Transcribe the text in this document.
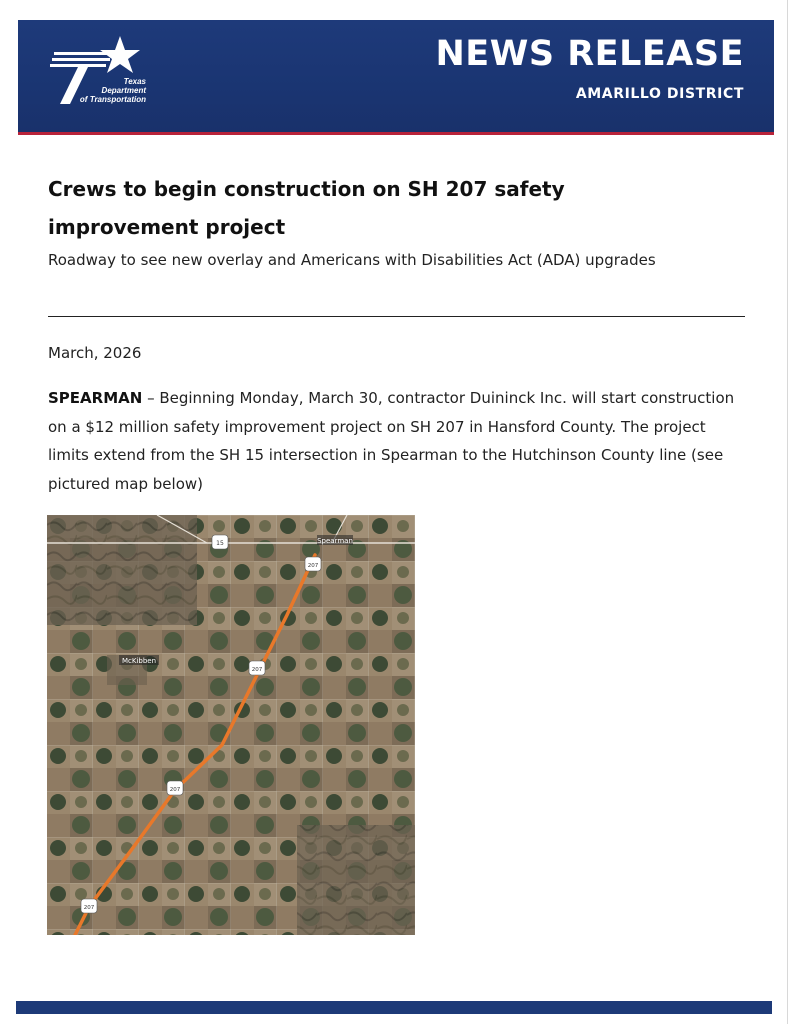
Texas
Department
of Transportation
NEWS RELEASE
AMARILLO DISTRICT
Crews to begin construction on SH 207 safety improvement project

Roadway to see new overlay and Americans with Disabilities Act (ADA) upgrades

March, 2026

SPEARMAN – Beginning Monday, March 30, contractor Duininck Inc. will start construction on a $12 million safety improvement project on SH 207 in Hansford County. The project limits extend from the SH 15 intersection in Spearman to the Hutchinson County line (see pictured map below)

15
207
207
207
207
Spearman
McKibben
